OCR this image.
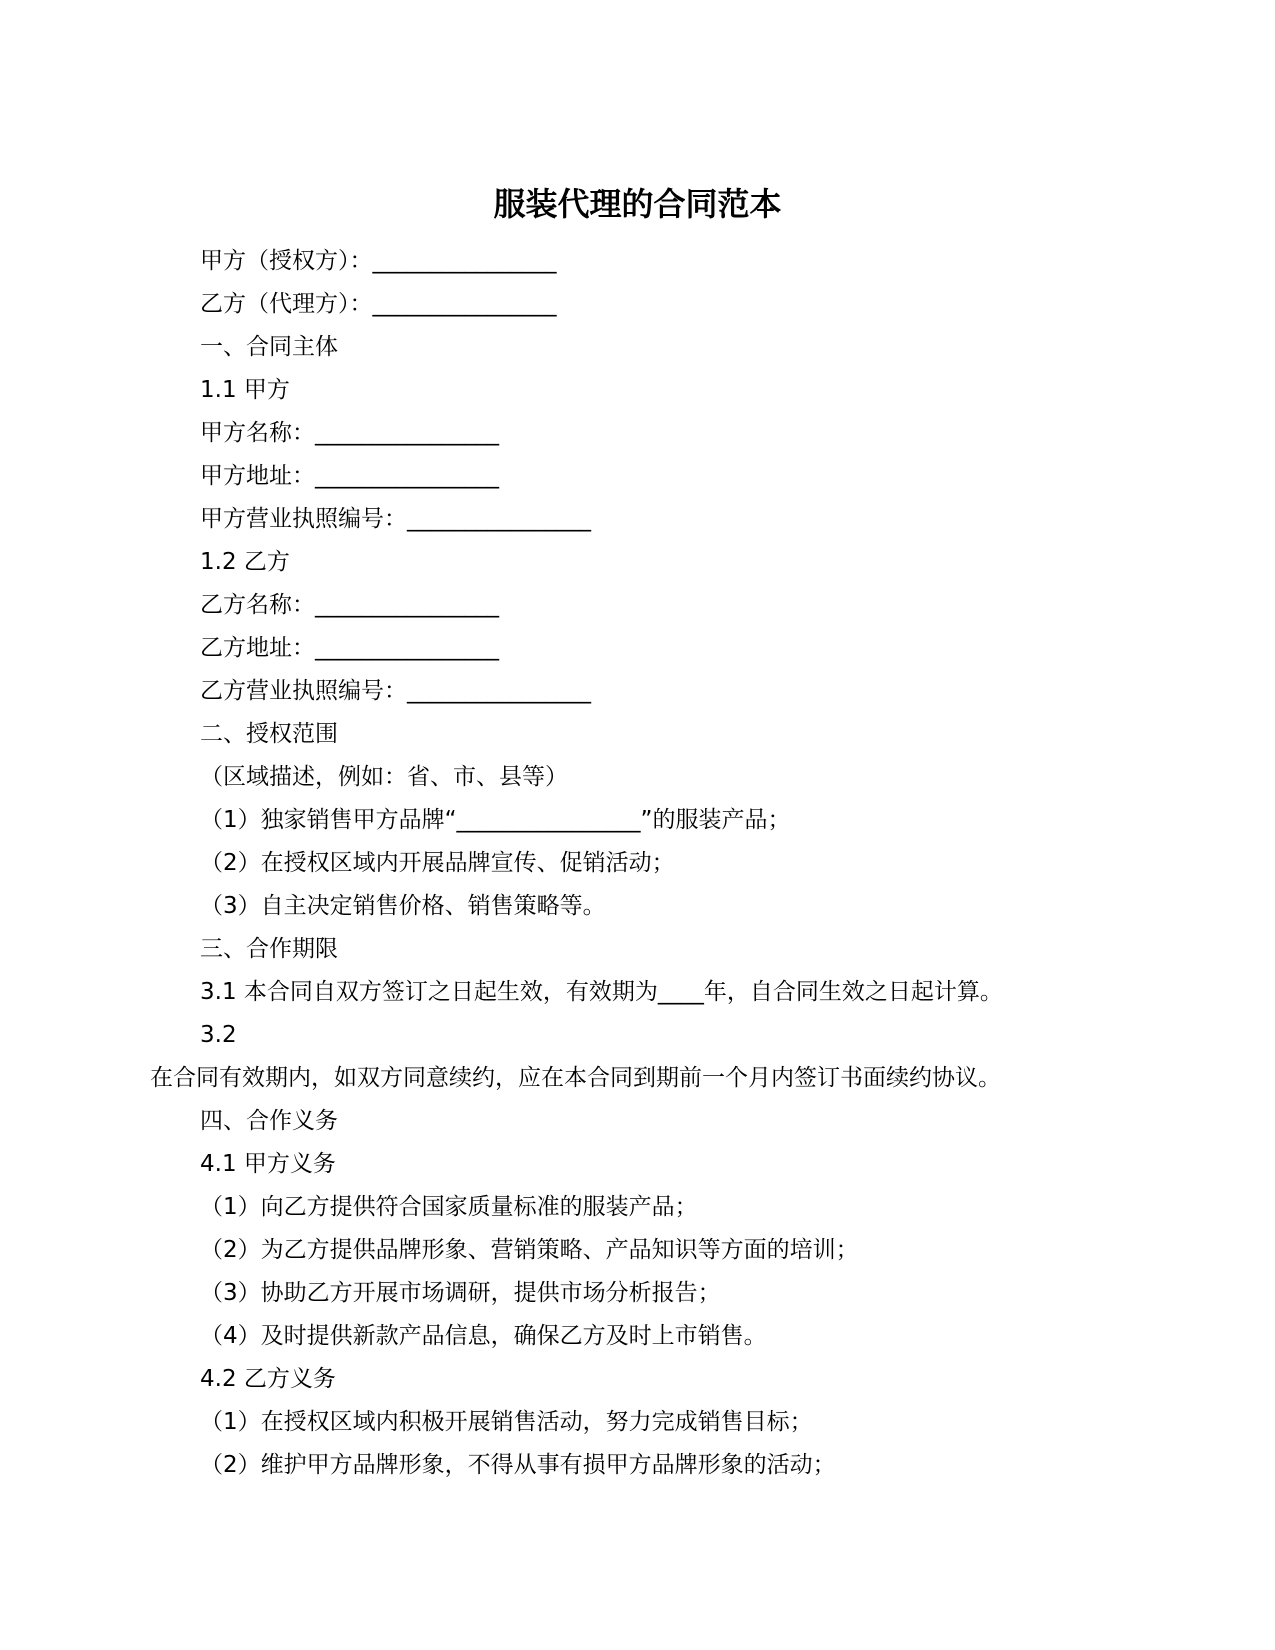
服装代理的合同范本
甲方（授权方）：________________
乙方（代理方）：________________
一、合同主体
1.1 甲方
甲方名称：________________
甲方地址：________________
甲方营业执照编号：________________
1.2 乙方
乙方名称：________________
乙方地址：________________
乙方营业执照编号：________________
二、授权范围
（区域描述，例如：省、市、县等）
（1）独家销售甲方品牌“________________”的服装产品；
（2）在授权区域内开展品牌宣传、促销活动；
（3）自主决定销售价格、销售策略等。
三、合作期限
3.1 本合同自双方签订之日起生效，有效期为____年，自合同生效之日起计算。
3.2
在合同有效期内，如双方同意续约，应在本合同到期前一个月内签订书面续约协议。
四、合作义务
4.1 甲方义务
（1）向乙方提供符合国家质量标准的服装产品；
（2）为乙方提供品牌形象、营销策略、产品知识等方面的培训；
（3）协助乙方开展市场调研，提供市场分析报告；
（4）及时提供新款产品信息，确保乙方及时上市销售。
4.2 乙方义务
（1）在授权区域内积极开展销售活动，努力完成销售目标；
（2）维护甲方品牌形象，不得从事有损甲方品牌形象的活动；
